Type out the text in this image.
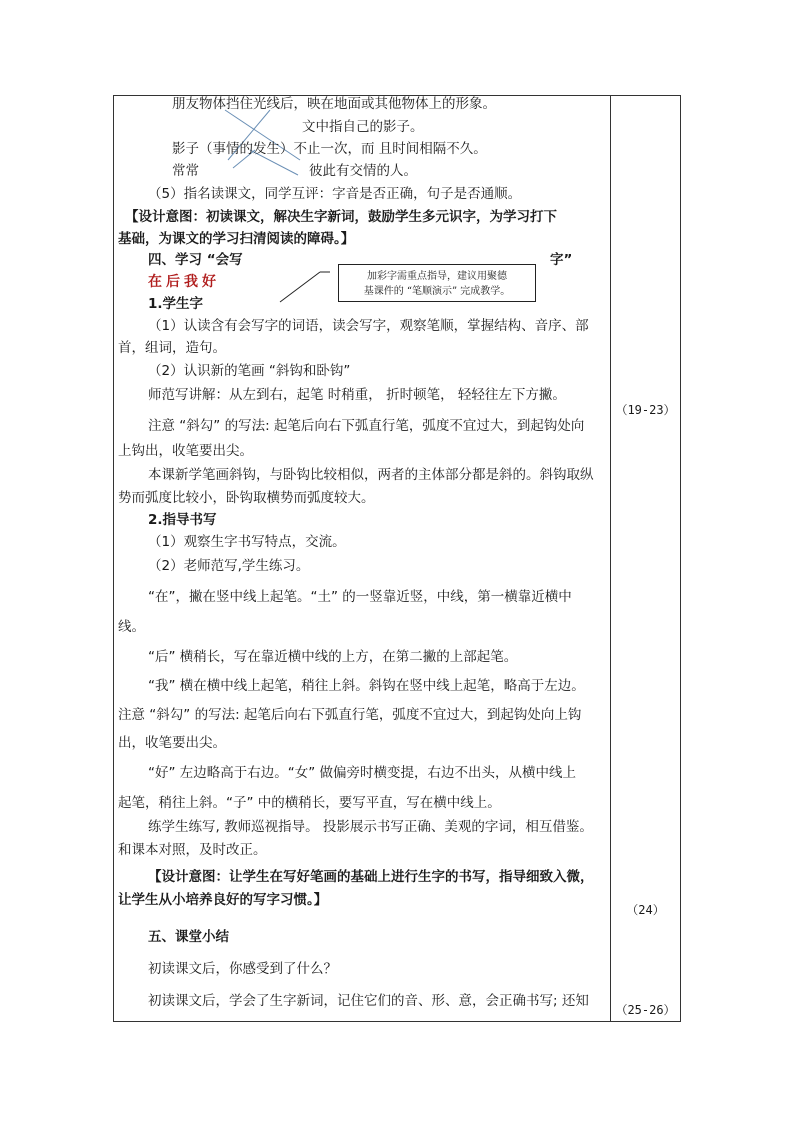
朋友物体挡住光线后，映在地面或其他物体上的形象。
文中指自己的影子。
影子（事情的发生）不止一次，而 且时间相隔不久。
常常	彼此有交情的人。
（5）指名读课文，同学互评：字音是否正确，句子是否通顺。
【设计意图：初读课文，解决生字新词，鼓励学生多元识字，为学习打下
基础，为课文的学习扫清阅读的障碍。】
四、学习 “会写	字”
在后我好	加彩字需重点指导，建议用聚德
基课件的 “笔顺演示” 完成教学。
1.学生字
（1）认读含有会写字的词语，读会写字，观察笔顺，掌握结构、音序、部
首，组词，造句。
（2）认识新的笔画 “斜钩和卧钩”
师范写讲解：从左到右，起笔 时稍重， 折时顿笔， 轻轻往左下方撇。
注意 “斜勾” 的写法: 起笔后向右下弧直行笔，弧度不宜过大，到起钩处向
上钩出，收笔要出尖。
本课新学笔画斜钩，与卧钩比较相似，两者的主体部分都是斜的。斜钩取纵
势而弧度比较小，卧钩取横势而弧度较大。
2.指导书写
（1）观察生字书写特点，交流。
（2）老师范写,学生练习。
“在”，撇在竖中线上起笔。“土” 的一竖靠近竖，中线，第一横靠近横中
线。
“后” 横稍长，写在靠近横中线的上方，在第二撇的上部起笔。
“我” 横在横中线上起笔，稍往上斜。斜钩在竖中线上起笔，略高于左边。
注意 “斜勾” 的写法: 起笔后向右下弧直行笔，弧度不宜过大，到起钩处向上钩
出，收笔要出尖。
“好” 左边略高于右边。“女” 做偏旁时横变提，右边不出头，从横中线上
起笔，稍往上斜。“子” 中的横稍长，要写平直，写在横中线上。
练学生练写, 教师巡视指导。 投影展示书写正确、美观的字词，相互借鉴。
和课本对照，及时改正。
【设计意图：让学生在写好笔画的基础上进行生字的书写，指导细致入微，
让学生从小培养良好的写字习惯。】
五、课堂小结
初读课文后，你感受到了什么？
初读课文后，学会了生字新词，记住它们的音、形、意，会正确书写; 还知
（19-23）
（24）
（25-26）
